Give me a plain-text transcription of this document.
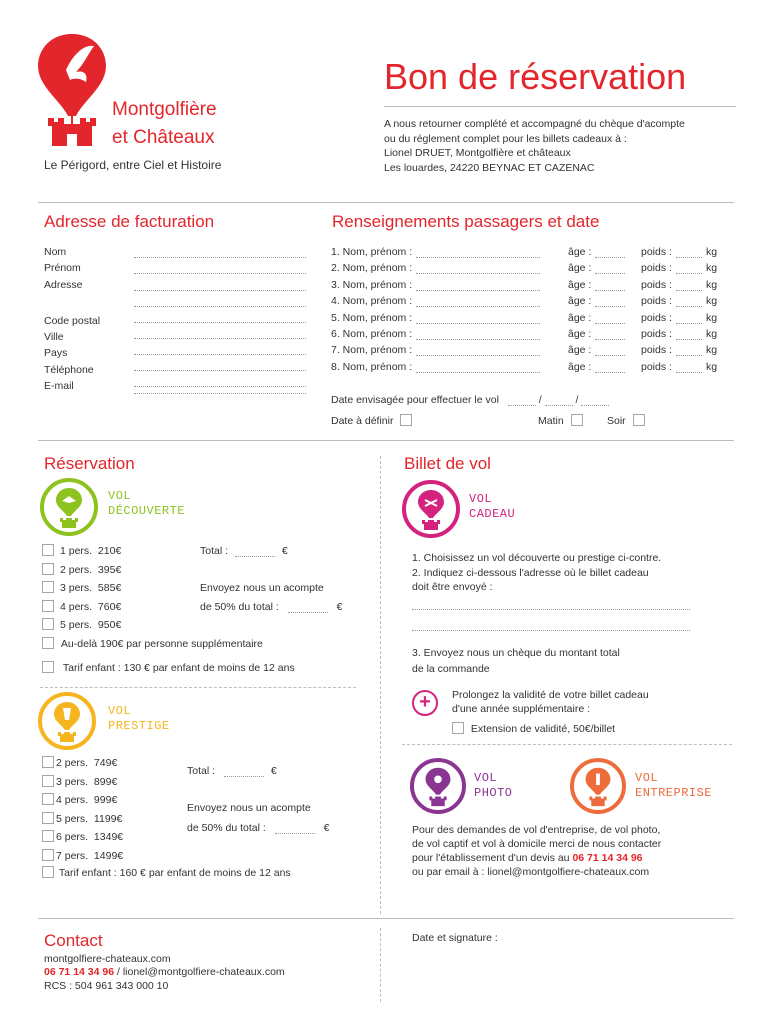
Montgolfière
et Châteaux
Le Périgord, entre Ciel et Histoire
Bon de réservation
A nous retourner complété et accompagné du chèque d'acompte
ou du réglement complet pour les billets cadeaux à :
Lionel DRUET, Montgolfière et châteaux
Les louardes, 24220 BEYNAC ET CAZENAC
Adresse de facturation
Nom
Prénom
Adresse
Code postal
Ville
Pays
Téléphone
E-mail
Renseignements passagers et date
1. Nom, prénom :	âge :	poids :	kg
2. Nom, prénom :	âge :	poids :	kg
3. Nom, prénom :	âge :	poids :	kg
4. Nom, prénom :	âge :	poids :	kg
5. Nom, prénom :	âge :	poids :	kg
6. Nom, prénom :	âge :	poids :	kg
7. Nom, prénom :	âge :	poids :	kg
8. Nom, prénom :	âge :	poids :	kg
Date envisagée pour effectuer le vol	/	/
Date à définir	Matin	Soir
Réservation
VOL
DÉCOUVERTE
1 pers.  210€
2 pers.  395€
3 pers.  585€
4 pers.  760€
5 pers.  950€
Total :	€
Envoyez nous un acompte
de 50% du total :	€
Au-delà 190€ par personne supplémentaire
Tarif enfant : 130 € par enfant de moins de 12 ans
VOL
PRESTIGE
2 pers.  749€
3 pers.  899€
4 pers.  999€
5 pers.  1199€
6 pers.  1349€
7 pers.  1499€
Total :	€
Envoyez nous un acompte
de 50% du total :	€
Tarif enfant : 160 € par enfant de moins de 12 ans
Billet de vol
VOL
CADEAU
1. Choisissez un vol découverte ou prestige ci-contre.
2. Indiquez ci-dessous l'adresse où le billet cadeau
doit être envoyé :
3. Envoyez nous un chèque du montant total
de la commande
+	Prolongez la validité de votre billet cadeau
d'une année supplémentaire :
Extension de validité, 50€/billet
VOL
PHOTO
VOL
ENTREPRISE
Pour des demandes de vol d'entreprise, de vol photo,
de vol captif et vol à domicile merci de nous contacter
pour l'établissement d'un devis au 06 71 14 34 96
ou par email à : lionel@montgolfiere-chateaux.com
Contact
montgolfiere-chateaux.com
06 71 14 34 96 / lionel@montgolfiere-chateaux.com
RCS : 504 961 343 000 10
Date et signature :
